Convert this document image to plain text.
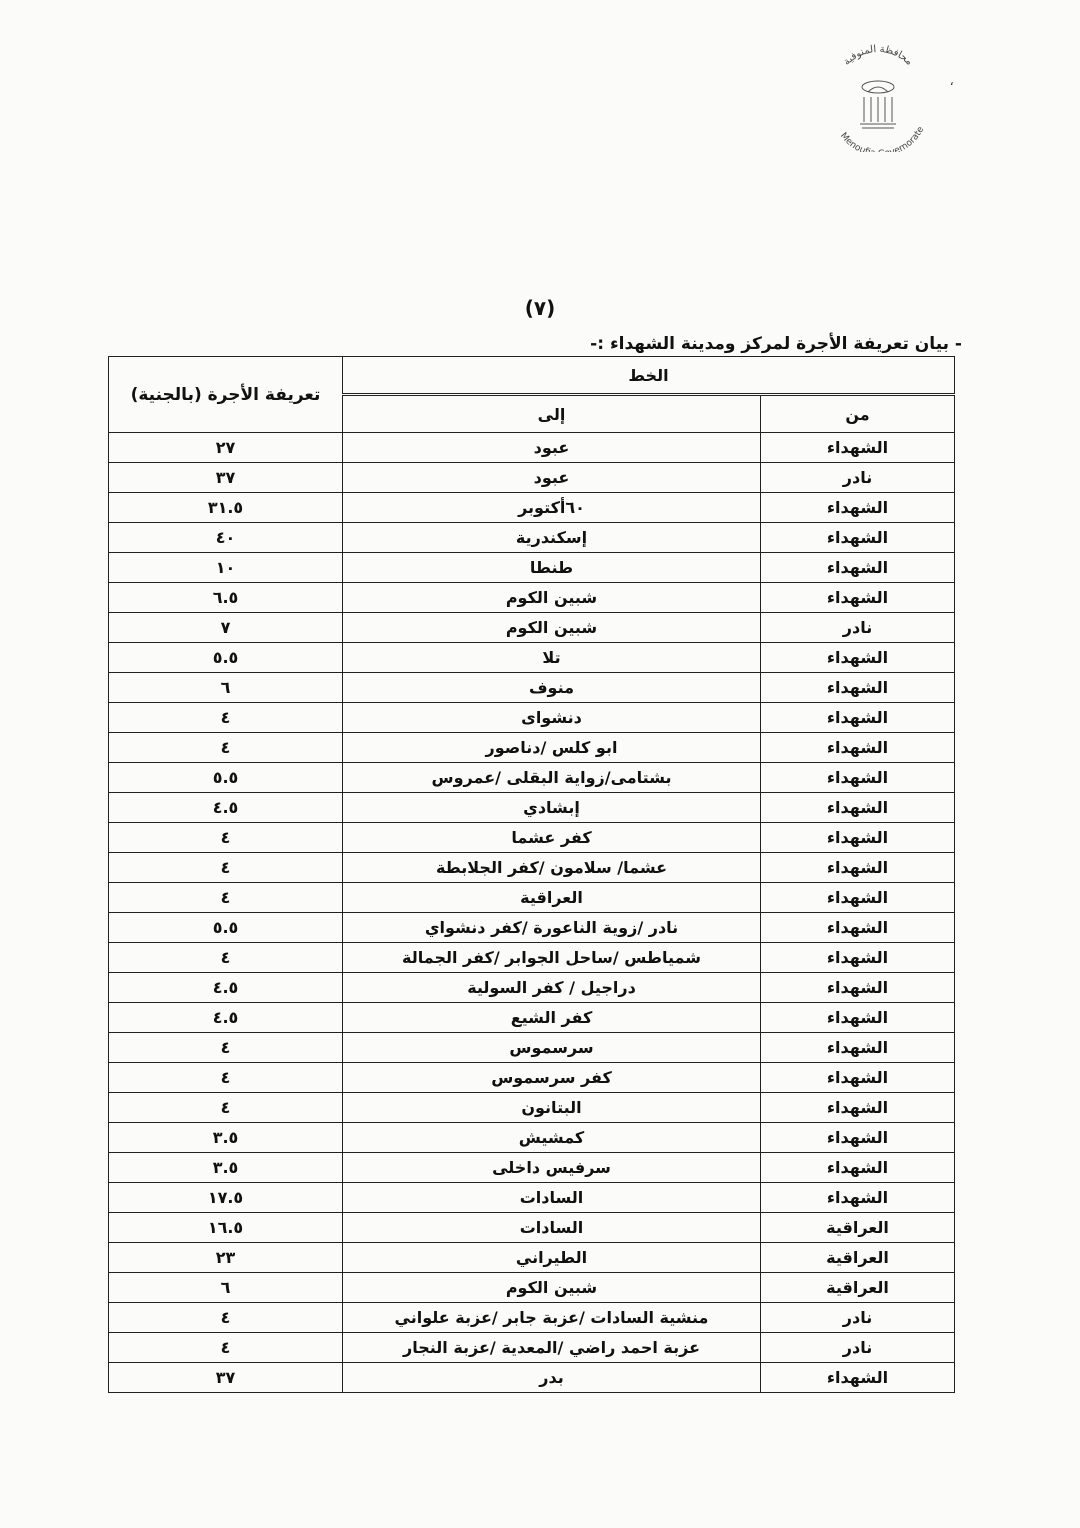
محافظة المنوفية
Menoufia ernorate
‘
(٧)
- بيان تعريفة الأجرة لمركز ومدينة الشهداء :-
الخط		تعريفة الأجرة (بالجنية)
من	إلى	
الشهداء	عبود	٢٧
نادر	عبود	٣٧
الشهداء	٦٠أكتوبر	٣١.٥
الشهداء	إسكندرية	٤٠
الشهداء	طنطا	١٠
الشهداء	شبين الكوم	٦.٥
نادر	شبين الكوم	٧
الشهداء	تلا	٥.٥
الشهداء	منوف	٦
الشهداء	دنشواى	٤
الشهداء	ابو كلس /دناصور	٤
الشهداء	بشتامى/زواية البقلى /عمروس	٥.٥
الشهداء	إبشادي	٤.٥
الشهداء	كفر عشما	٤
الشهداء	عشما/ سلامون /كفر الجلابطة	٤
الشهداء	العراقية	٤
الشهداء	نادر /زوية الناعورة /كفر دنشواي	٥.٥
الشهداء	شمياطس /ساحل الجوابر /كفر الجمالة	٤
الشهداء	دراجيل / كفر السولية	٤.٥
الشهداء	كفر الشيع	٤.٥
الشهداء	سرسموس	٤
الشهداء	كفر سرسموس	٤
الشهداء	البتانون	٤
الشهداء	كمشيش	٣.٥
الشهداء	سرفيس داخلى	٣.٥
الشهداء	السادات	١٧.٥
العراقية	السادات	١٦.٥
العراقية	الطيراني	٢٣
العراقية	شبين الكوم	٦
نادر	منشية السادات /عزبة جابر /عزبة علواني	٤
نادر	عزبة احمد راضي /المعدية /عزبة النجار	٤
الشهداء	بدر	٣٧
